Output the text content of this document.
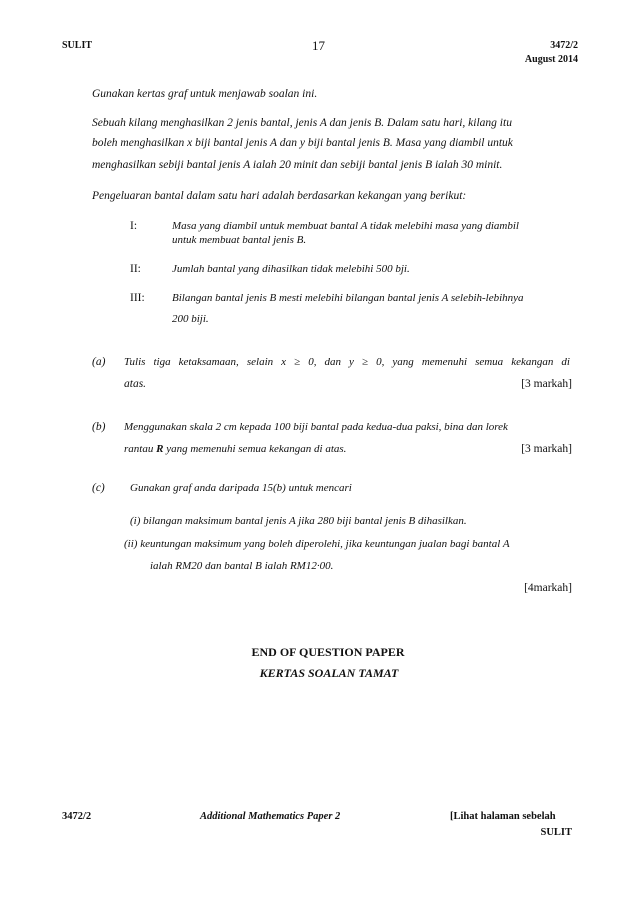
SULIT	17	3472/2
August 2014
Gunakan kertas graf untuk menjawab soalan ini.
Sebuah kilang menghasilkan 2 jenis bantal, jenis A dan jenis B. Dalam satu hari, kilang itu
boleh menghasilkan x biji bantal jenis A dan y biji bantal jenis B. Masa yang diambil untuk
menghasilkan sebiji bantal jenis A ialah 20 minit dan sebiji bantal jenis B ialah 30 minit.
Pengeluaran bantal dalam satu hari adalah berdasarkan kekangan yang berikut:
I:	Masa yang diambil untuk membuat bantal A tidak melebihi masa yang diambil
untuk membuat bantal jenis B.
II:	Jumlah bantal yang dihasilkan tidak melebihi 500 bji.
III: Bilangan bantal jenis B mesti melebihi bilangan bantal jenis A selebih-lebihnya
200 biji.
(a) Tulis tiga ketaksamaan, selain x ≥ 0, dan y ≥ 0, yang memenuhi semua kekangan di
atas.	[3 markah]
(b) Menggunakan skala 2 cm kepada 100 biji bantal pada kedua-dua paksi, bina dan lorek
rantau R yang memenuhi semua kekangan di atas.	[3 markah]
(c) Gunakan graf anda daripada 15(b) untuk mencari
(i) bilangan maksimum bantal jenis A jika 280 biji bantal jenis B dihasilkan.
(ii) keuntungan maksimum yang boleh diperolehi, jika keuntungan jualan bagi bantal A
ialah RM20 dan bantal B ialah RM12·00.
[4markah]
END OF QUESTION PAPER
KERTAS SOALAN TAMAT
3472/2	Additional Mathematics Paper 2	[Lihat halaman sebelah
SULIT
